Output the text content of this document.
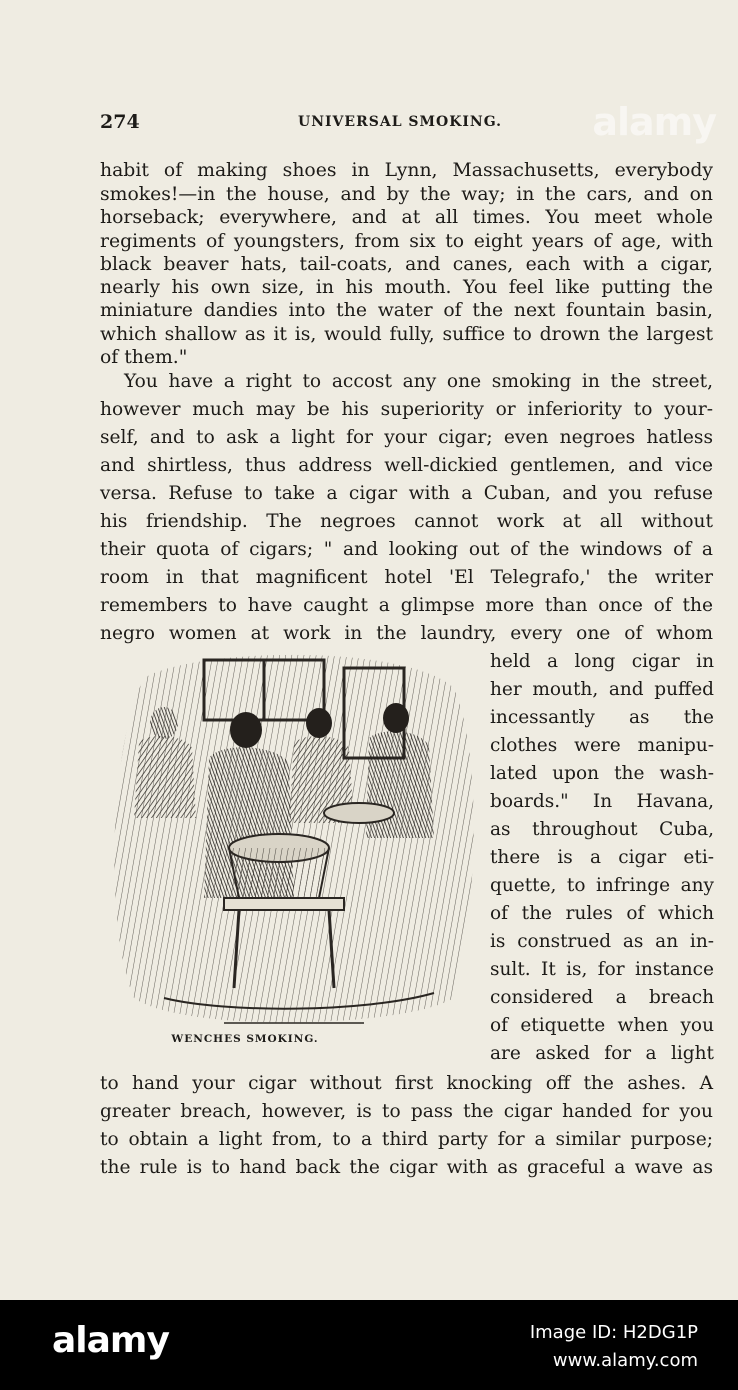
alamy
274	UNIVERSAL SMOKING.
habit of making shoes in Lynn, Massachusetts, everybody
smokes!—in the house, and by the way; in the cars, and on
horseback; everywhere, and at all times. You meet whole
regiments of youngsters, from six to eight years of age, with
black beaver hats, tail-coats, and canes, each with a cigar,
nearly his own size, in his mouth. You feel like putting the
miniature dandies into the water of the next fountain basin,
which shallow as it is, would fully, suffice to drown the largest
of them."
You have a right to accost any one smoking in the street,
however much may be his superiority or inferiority to your-
self, and to ask a light for your cigar; even negroes hatless
and shirtless, thus address well-dickied gentlemen, and vice
versa. Refuse to take a cigar with a Cuban, and you refuse
his friendship. The negroes cannot work at all without
their quota of cigars; " and looking out of the windows of a
room in that magnificent hotel 'El Telegrafo,' the writer
remembers to have caught a glimpse more than once of the
negro women at work in the laundry, every one of whom
WENCHES SMOKING.
held a long cigar in
her mouth, and puffed
incessantly as the
clothes were manipu-
lated upon the wash-
boards." In Havana,
as throughout Cuba,
there is a cigar eti-
quette, to infringe any
of the rules of which
is construed as an in-
sult. It is, for instance
considered a breach
of etiquette when you
are asked for a light
to hand your cigar without first knocking off the ashes. A
greater breach, however, is to pass the cigar handed for you
to obtain a light from, to a third party for a similar purpose;
the rule is to hand back the cigar with as graceful a wave as
alamy	Image ID: H2DG1P
www.alamy.com
